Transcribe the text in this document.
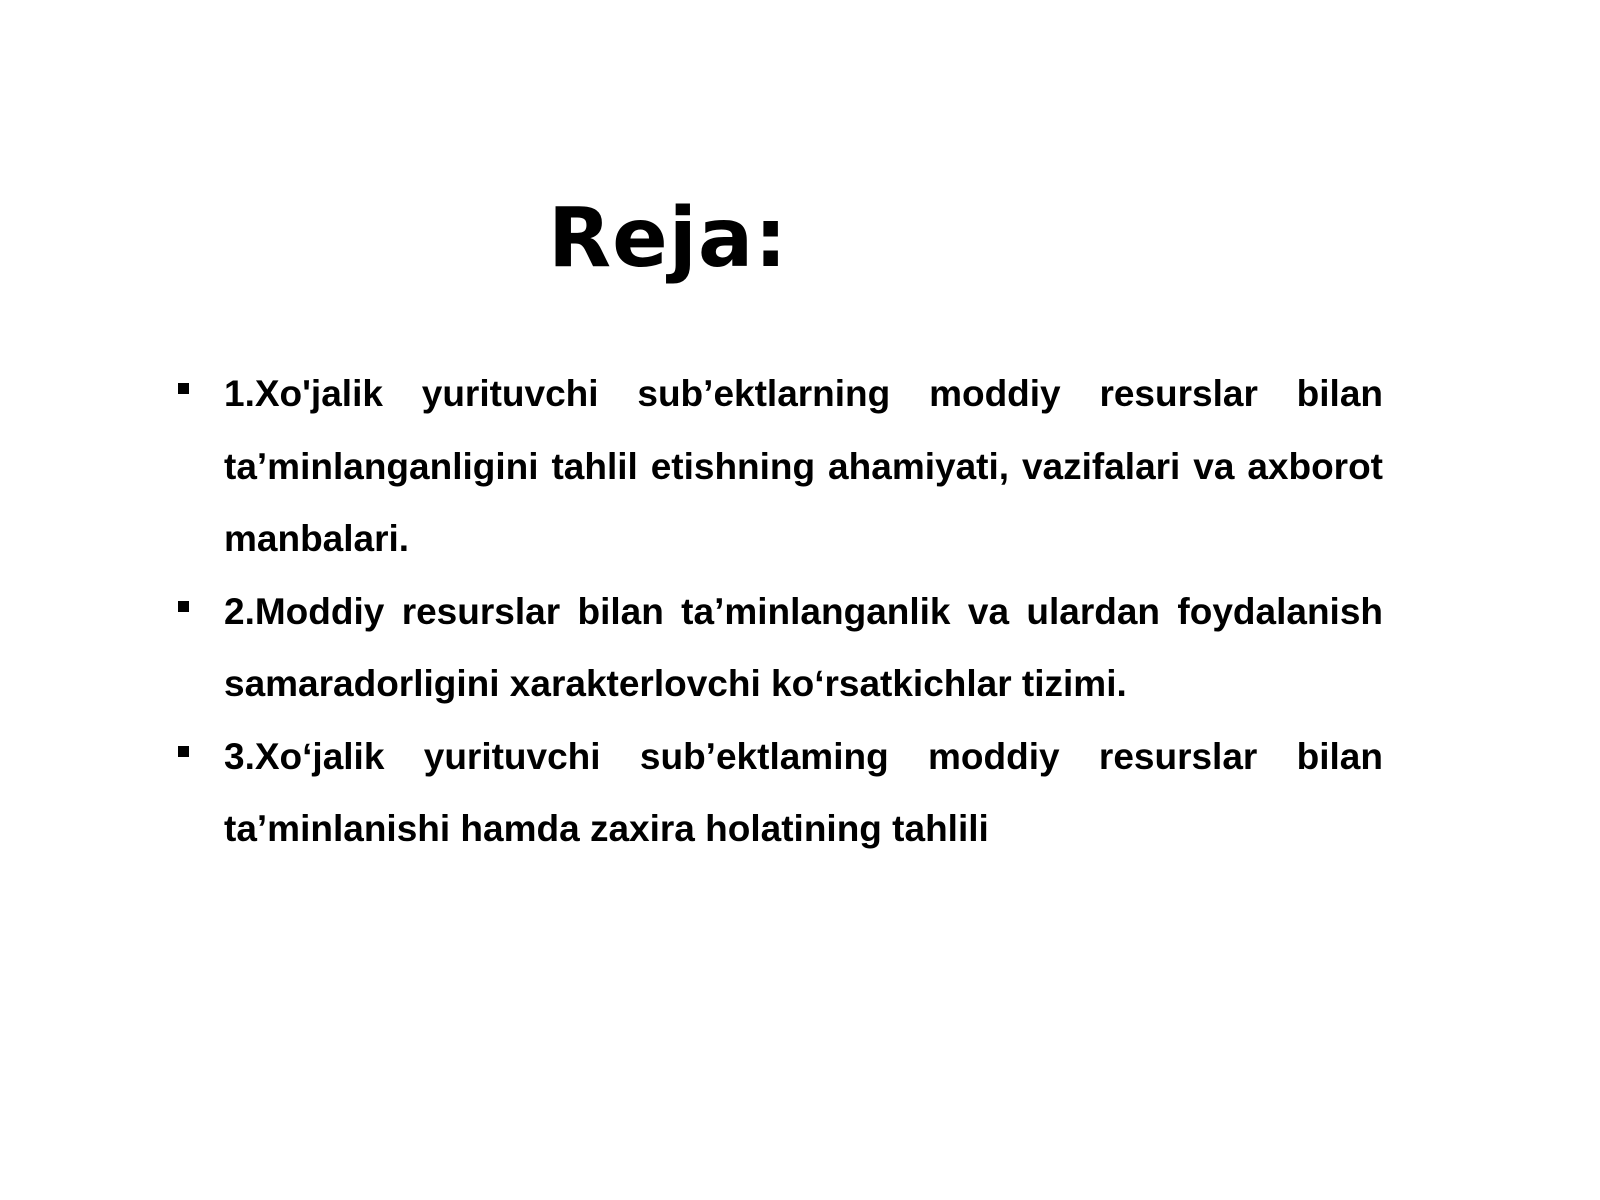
Reja:
1.Xo'jalik yurituvchi sub’ektlarning moddiy resurslar bilan ta’minlanganligini tahlil etishning ahamiyati, vazifalari va axborot manbalari.
2.Moddiy resurslar bilan ta’minlanganlik va ulardan foydalanish samaradorligini xarakterlovchi ko‘rsatkichlar tizimi.
3.Xo‘jalik yurituvchi sub’ektlaming moddiy resurslar bilan ta’minlanishi hamda zaxira holatining tahlili
